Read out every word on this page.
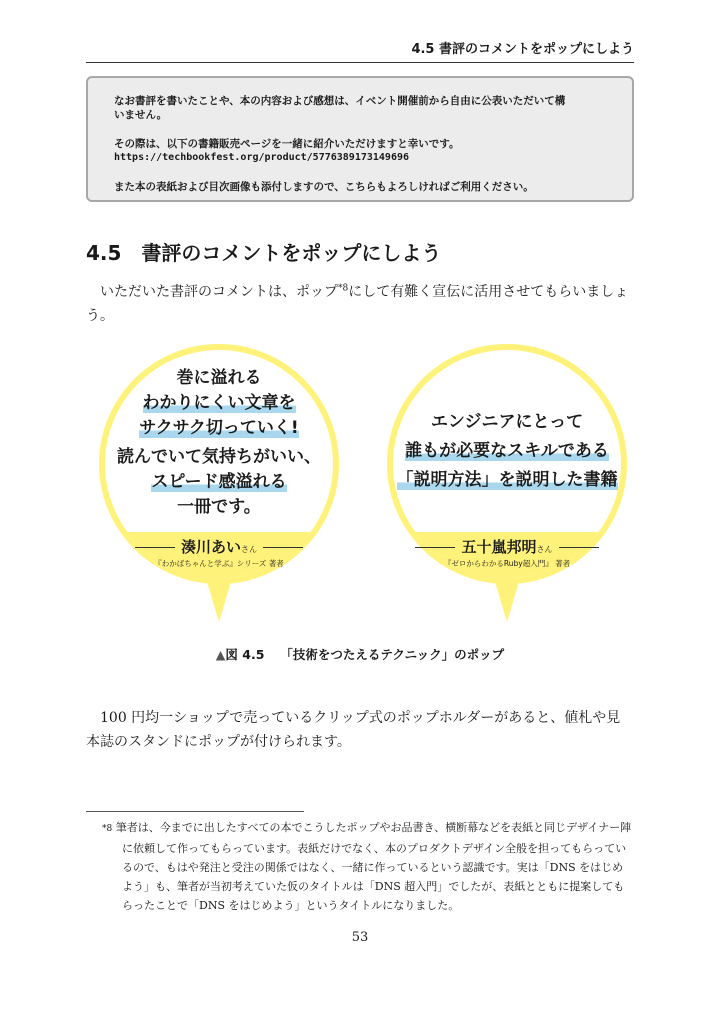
4.5 書評のコメントをポップにしよう

なお書評を書いたことや、本の内容および感想は、イベント開催前から自由に公表いただいて構

いません。

その際は、以下の書籍販売ページを一緒に紹介いただけますと幸いです。

https://techbookfest.org/product/5776389173149696

また本の表紙および目次画像も添付しますので、こちらもよろしければご利用ください。

4.5 書評のコメントをポップにしよう

いただいた書評のコメントは、ポップ$^{*8}$にして有難く宣伝に活用させてもらいましょう。

巻に溢れる
わかりにくい文章を
サクサク切っていく!
読んでいて気持ちがいい、
スピード感溢れる
一冊です。
湊川あいさん
『わかばちゃんと学ぶ』シリーズ 著者
エンジニアにとって
誰もが必要なスキルである
「説明方法」を説明した書籍
五十嵐邦明さん
『ゼロからわかるRuby超入門』 著者
▲図 4.5 「技術をつたえるテクニック」のポップ

100 円均一ショップで売っているクリップ式のポップホルダーがあると、値札や見本誌のスタンドにポップが付けられます。

*8 筆者は、今までに出したすべての本でこうしたポップやお品書き、横断幕などを表紙と同じデザイナー陣に依頼して作ってもらっています。表紙だけでなく、本のプロダクトデザイン全般を担ってもらっているので、もはや発注と受注の関係ではなく、一緒に作っているという認識です。実は「DNS をはじめよう」も、筆者が当初考えていた仮のタイトルは「DNS 超入門」でしたが、表紙とともに提案してもらったことで「DNS をはじめよう」というタイトルになりました。

53
